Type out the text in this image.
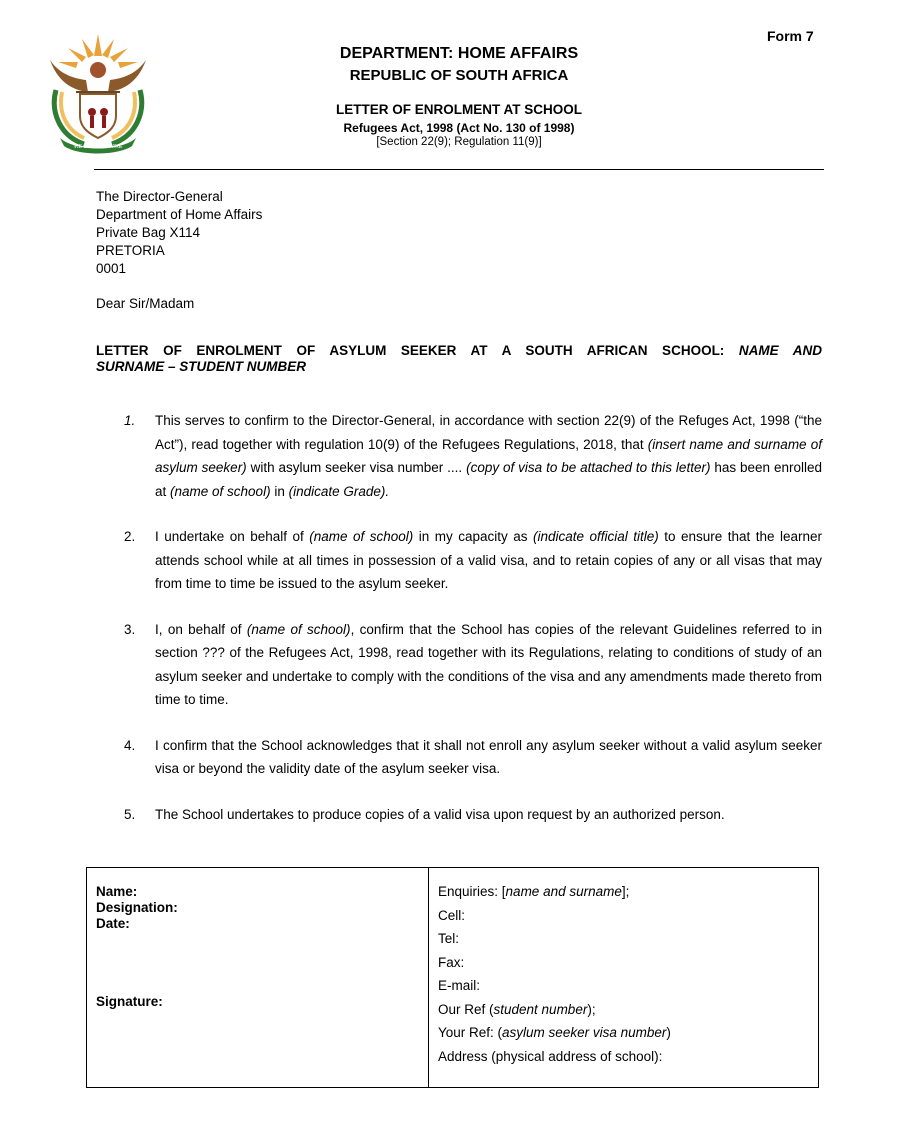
!KE E: /XARRA //KE
Form 7
DEPARTMENT: HOME AFFAIRS
REPUBLIC OF SOUTH AFRICA
LETTER OF ENROLMENT AT SCHOOL
Refugees Act, 1998 (Act No. 130 of 1998)
[Section 22(9); Regulation 11(9)]
The Director-General
Department of Home Affairs
Private Bag X114
PRETORIA
0001
Dear Sir/Madam
LETTER OF ENROLMENT OF ASYLUM SEEKER AT A SOUTH AFRICAN SCHOOL: NAME AND
SURNAME – STUDENT NUMBER
1.	This serves to confirm to the Director-General, in accordance with section 22(9) of the Refuges Act, 1998 (“the Act”), read together with regulation 10(9) of the Refugees Regulations, 2018, that (insert name and surname of asylum seeker) with asylum seeker visa number .... (copy of visa to be attached to this letter) has been enrolled at (name of school) in (indicate Grade).
2.	I undertake on behalf of (name of school) in my capacity as (indicate official title) to ensure that the learner attends school while at all times in possession of a valid visa, and to retain copies of any or all visas that may from time to time be issued to the asylum seeker.
3.	I, on behalf of (name of school), confirm that the School has copies of the relevant Guidelines referred to in section ??? of the Refugees Act, 1998, read together with its Regulations, relating to conditions of study of an asylum seeker and undertake to comply with the conditions of the visa and any amendments made thereto from time to time.
4.	I confirm that the School acknowledges that it shall not enroll any asylum seeker without a valid asylum seeker visa or beyond the validity date of the asylum seeker visa.
5.	The School undertakes to produce copies of a valid visa upon request by an authorized person.
Name:
Designation:
Date:
Signature:
Enquiries: [name and surname];
Cell:
Tel:
Fax:
E-mail:
Our Ref (student number);
Your Ref: (asylum seeker visa number)
Address (physical address of school):
